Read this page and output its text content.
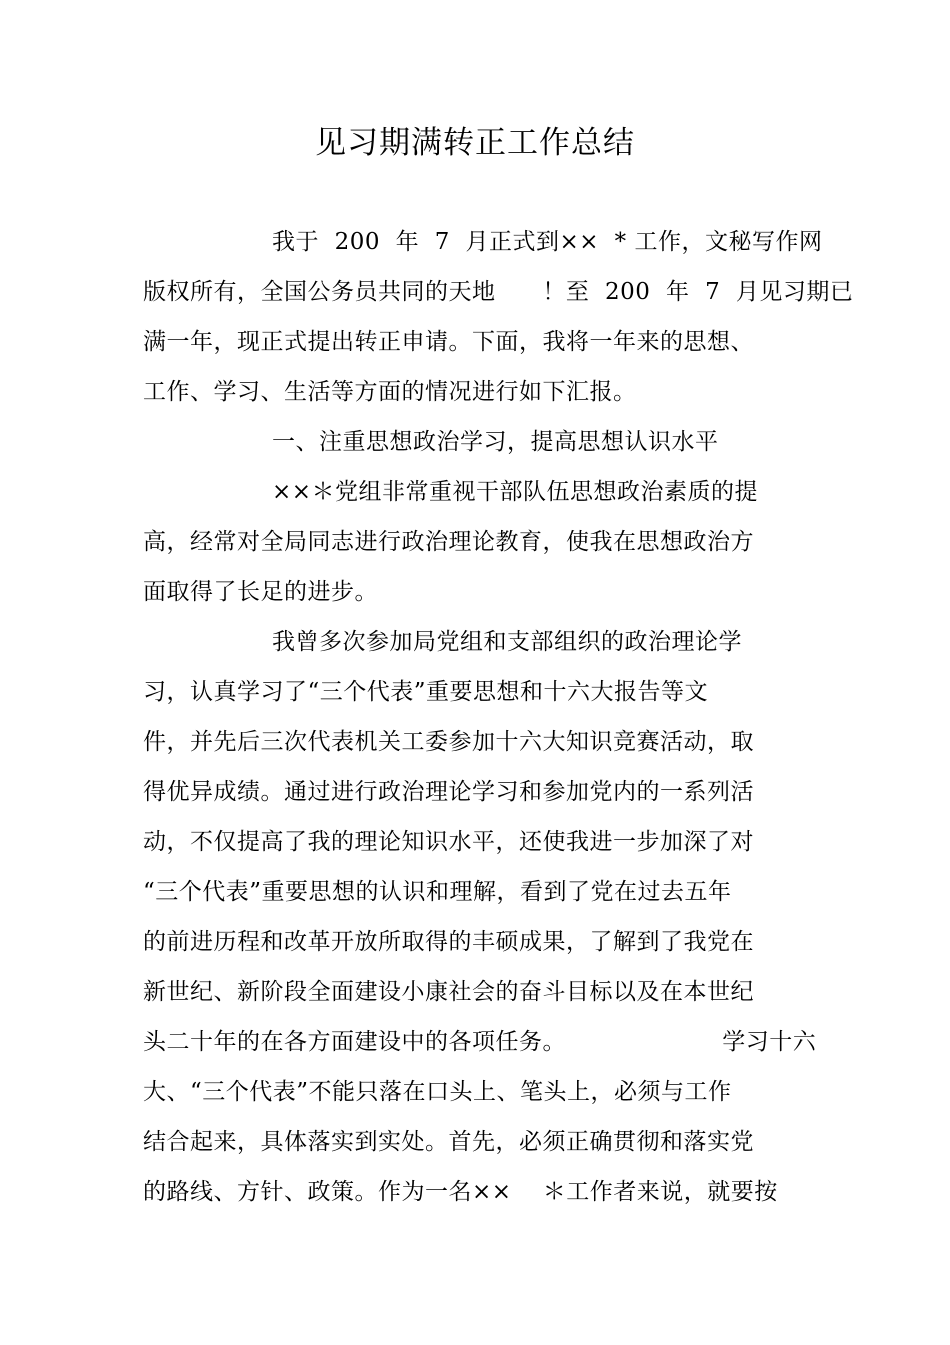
见习期满转正工作总结
我于  200  年  7  月正式到××  * 工作，文秘写作网
版权所有，全国公务员共同的天地      ！至  200  年  7  月见习期已
满一年，现正式提出转正申请。下面，我将一年来的思想、
工作、学习、生活等方面的情况进行如下汇报。
一、注重思想政治学习，提高思想认识水平
××＊党组非常重视干部队伍思想政治素质的提
高，经常对全局同志进行政治理论教育，使我在思想政治方
面取得了长足的进步。
我曾多次参加局党组和支部组织的政治理论学
习，认真学习了“三个代表”重要思想和十六大报告等文
件，并先后三次代表机关工委参加十六大知识竞赛活动，取
得优异成绩。通过进行政治理论学习和参加党内的一系列活
动，不仅提高了我的理论知识水平，还使我进一步加深了对
“三个代表”重要思想的认识和理解，看到了党在过去五年
的前进历程和改革开放所取得的丰硕成果，了解到了我党在
新世纪、新阶段全面建设小康社会的奋斗目标以及在本世纪
头二十年的在各方面建设中的各项任务。                    学习十六
大、“三个代表”不能只落在口头上、笔头上，必须与工作
结合起来，具体落实到实处。首先，必须正确贯彻和落实党
的路线、方针、政策。作为一名××    ＊工作者来说，就要按
